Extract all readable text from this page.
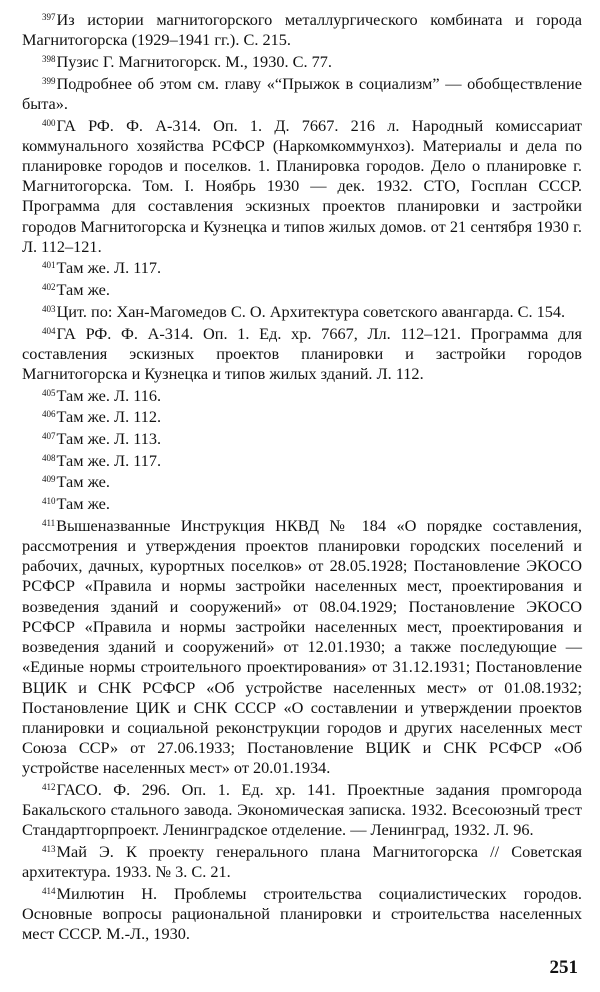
$^{397}$Из истории магнитогорского металлургического комбината и города Магнитогорска (1929–1941 гг.). С. 215.

$^{398}$Пузис Г. Магнитогорск. М., 1930. С. 77.

$^{399}$Подробнее об этом см. главу «“Прыжок в социализм” — обобществление быта».

$^{400}$ГА РФ. Ф. А-314. Оп. 1. Д. 7667. 216 л. Народный комиссариат коммунального хозяйства РСФСР (Наркомкоммунхоз). Материалы и дела по планировке городов и поселков. 1. Планировка городов. Дело о планировке г. Магнитогорска. Том. I. Ноябрь 1930 — дек. 1932. СТО, Госплан СССР. Программа для составления эскизных проектов планировки и застройки городов Магнитогорска и Кузнецка и типов жилых домов. от 21 сентября 1930 г. Л. 112–121.

$^{401}$Там же. Л. 117.

$^{402}$Там же.

$^{403}$Цит. по: Хан-Магомедов С. О. Архитектура советского авангарда. С. 154.

$^{404}$ГА РФ. Ф. А-314. Оп. 1. Ед. хр. 7667, Лл. 112–121. Программа для составления эскизных проектов планировки и застройки городов Магнитогорска и Кузнецка и типов жилых зданий. Л. 112.

$^{405}$Там же. Л. 116.

$^{406}$Там же. Л. 112.

$^{407}$Там же. Л. 113.

$^{408}$Там же. Л. 117.

$^{409}$Там же.

$^{410}$Там же.

$^{411}$Вышеназванные Инструкция НКВД № 184 «О порядке составления, рассмотрения и утверждения проектов планировки городских поселений и рабочих, дачных, курортных поселков» от 28.05.1928; Постановление ЭКОСО РСФСР «Правила и нормы застройки населенных мест, проектирования и возведения зданий и сооружений» от 08.04.1929; Постановление ЭКОСО РСФСР «Правила и нормы застройки населенных мест, проектирования и возведения зданий и сооружений» от 12.01.1930; а также последующие — «Единые нормы строительного проектирования» от 31.12.1931; Постановление ВЦИК и СНК РСФСР «Об устройстве населенных мест» от 01.08.1932; Постановление ЦИК и СНК СССР «О составлении и утверждении проектов планировки и социальной реконструкции городов и других населенных мест Союза ССР» от 27.06.1933; Постановление ВЦИК и СНК РСФСР «Об устройстве населенных мест» от 20.01.1934.

$^{412}$ГАСО. Ф. 296. Оп. 1. Ед. хр. 141. Проектные задания промгорода Бакальского стального завода. Экономическая записка. 1932. Всесоюзный трест Стандартгорпроект. Ленинградское отделение. — Ленинград, 1932. Л. 96.

$^{413}$Май Э. К проекту генерального плана Магнитогорска // Советская архитектура. 1933. № 3. С. 21.

$^{414}$Милютин Н. Проблемы строительства социалистических городов. Основные вопросы рациональной планировки и строительства населенных мест СССР. М.-Л., 1930.

251
